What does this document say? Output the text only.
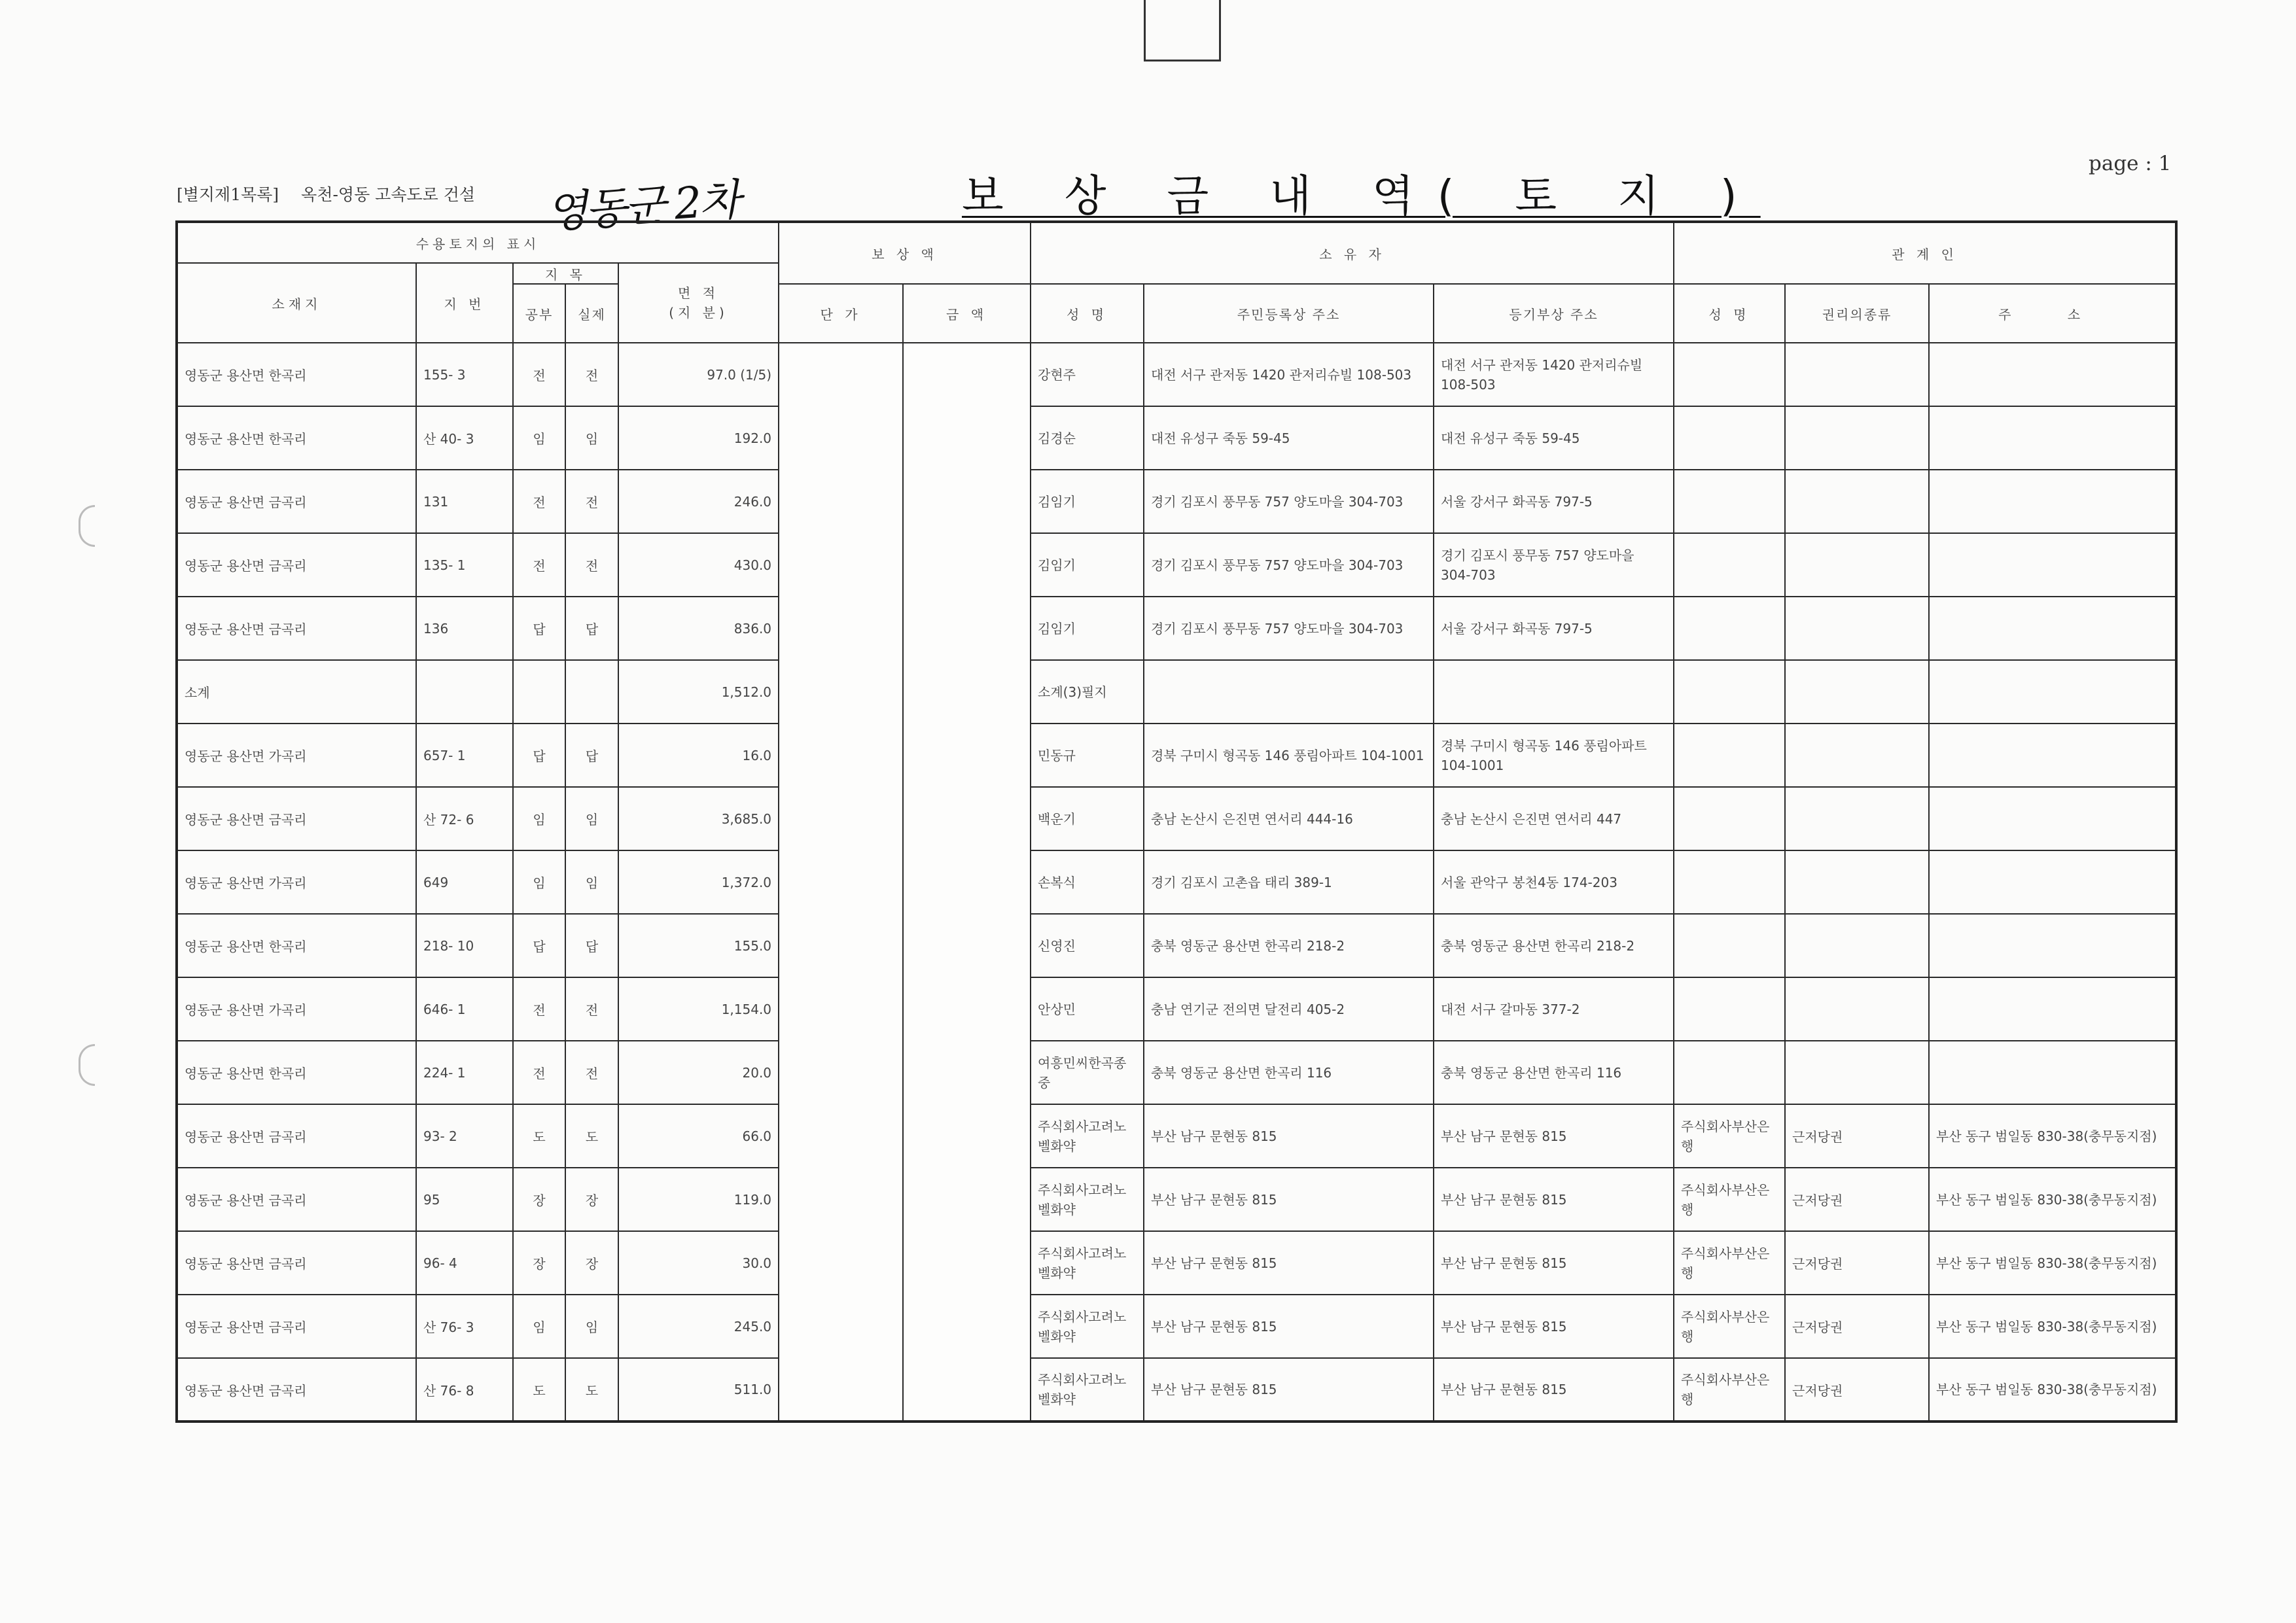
[별지제1목록] 옥천-영동 고속도로 건설 영동군 2차	보 상 금 내 역( 토 지 )
page : 1
수용토지의 표시					보 상 액		소 유 자			관 계 인		
소재지	지 번	지 목		면 적
(지 분)								
		공부	실제		단 가	금 액	성 명	주민등록상 주소	등기부상 주소	성 명	권리의종류	주 소
영동군 용산면 한곡리	155- 3	전	전	97.0 (1/5)			강현주	대전 서구 관저동 1420 관저리슈빌 108-503	대전 서구 관저동 1420 관저리슈빌 108-503			
영동군 용산면 한곡리	산 40- 3	임	임	192.0			김경순	대전 유성구 죽동 59-45	대전 유성구 죽동 59-45			
영동군 용산면 금곡리	131	전	전	246.0			김임기	경기 김포시 풍무동 757 양도마을 304-703	서울 강서구 화곡동 797-5			
영동군 용산면 금곡리	135- 1	전	전	430.0			김임기	경기 김포시 풍무동 757 양도마을 304-703	경기 김포시 풍무동 757 양도마을 304-703			
영동군 용산면 금곡리	136	답	답	836.0			김임기	경기 김포시 풍무동 757 양도마을 304-703	서울 강서구 화곡동 797-5			
소계				1,512.0			소계(3)필지					
영동군 용산면 가곡리	657- 1	답	답	16.0			민동규	경북 구미시 형곡동 146 풍림아파트 104-1001	경북 구미시 형곡동 146 풍림아파트 104-1001			
영동군 용산면 금곡리	산 72- 6	임	임	3,685.0			백운기	충남 논산시 은진면 연서리 444-16	충남 논산시 은진면 연서리 447			
영동군 용산면 가곡리	649	임	임	1,372.0			손복식	경기 김포시 고촌읍 태리 389-1	서울 관악구 봉천4동 174-203			
영동군 용산면 한곡리	218- 10	답	답	155.0			신영진	충북 영동군 용산면 한곡리 218-2	충북 영동군 용산면 한곡리 218-2			
영동군 용산면 가곡리	646- 1	전	전	1,154.0			안상민	충남 연기군 전의면 달전리 405-2	대전 서구 갈마동 377-2			
영동군 용산면 한곡리	224- 1	전	전	20.0			여흥민씨한곡종중	충북 영동군 용산면 한곡리 116	충북 영동군 용산면 한곡리 116			
영동군 용산면 금곡리	93- 2	도	도	66.0			주식회사고려노벨화약	부산 남구 문현동 815	부산 남구 문현동 815	주식회사부산은행	근저당권	부산 동구 범일동 830-38(충무동지점)
영동군 용산면 금곡리	95	장	장	119.0			주식회사고려노벨화약	부산 남구 문현동 815	부산 남구 문현동 815	주식회사부산은행	근저당권	부산 동구 범일동 830-38(충무동지점)
영동군 용산면 금곡리	96- 4	장	장	30.0			주식회사고려노벨화약	부산 남구 문현동 815	부산 남구 문현동 815	주식회사부산은행	근저당권	부산 동구 범일동 830-38(충무동지점)
영동군 용산면 금곡리	산 76- 3	임	임	245.0			주식회사고려노벨화약	부산 남구 문현동 815	부산 남구 문현동 815	주식회사부산은행	근저당권	부산 동구 범일동 830-38(충무동지점)
영동군 용산면 금곡리	산 76- 8	도	도	511.0			주식회사고려노벨화약	부산 남구 문현동 815	부산 남구 문현동 815	주식회사부산은행	근저당권	부산 동구 범일동 830-38(충무동지점)
